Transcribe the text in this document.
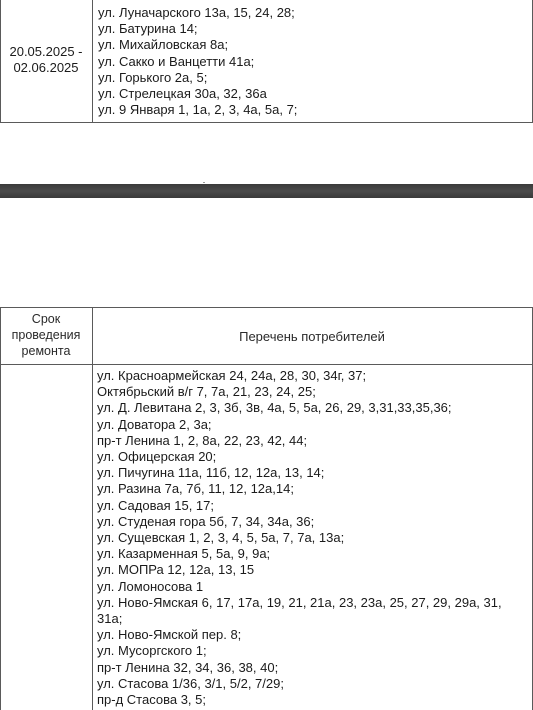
20.05.2025 -
02.06.2025
ул. Луначарского 13а, 15, 24, 28;
ул. Батурина 14;
ул. Михайловская 8а;
ул. Сакко и Ванцетти 41а;
ул. Горького 2а, 5;
ул. Стрелецкая 30а, 32, 36а
ул. 9 Января 1, 1а, 2, 3, 4а, 5а, 7;
Срок
проведения
ремонта
Перечень потребителей
ул. Красноармейская 24, 24а, 28, 30, 34г, 37;
Октябрьский в/г 7, 7а, 21, 23, 24, 25;
ул. Д. Левитана 2, 3, 3б, 3в, 4а, 5, 5а, 26, 29, 3,31,33,35,36;
ул. Доватора 2, 3а;
пр-т Ленина 1, 2, 8а, 22, 23, 42, 44;
ул. Офицерская 20;
ул. Пичугина 11а, 11б, 12, 12а, 13, 14;
ул. Разина 7а, 7б, 11, 12, 12а,14;
ул. Садовая 15, 17;
ул. Студеная гора 5б, 7, 34, 34а, 36;
ул. Сущевская 1, 2, 3, 4, 5, 5а, 7, 7а, 13а;
ул. Казарменная 5, 5а, 9, 9а;
ул. МОПРа 12, 12а, 13, 15
ул. Ломоносова 1
ул. Ново-Ямская 6, 17, 17а, 19, 21, 21а, 23, 23а, 25, 27, 29, 29а, 31,
31а;
ул. Ново-Ямской пер. 8;
ул. Мусоргского 1;
пр-т Ленина 32, 34, 36, 38, 40;
ул. Стасова 1/36, 3/1, 5/2, 7/29;
пр-д Стасова 3, 5;
